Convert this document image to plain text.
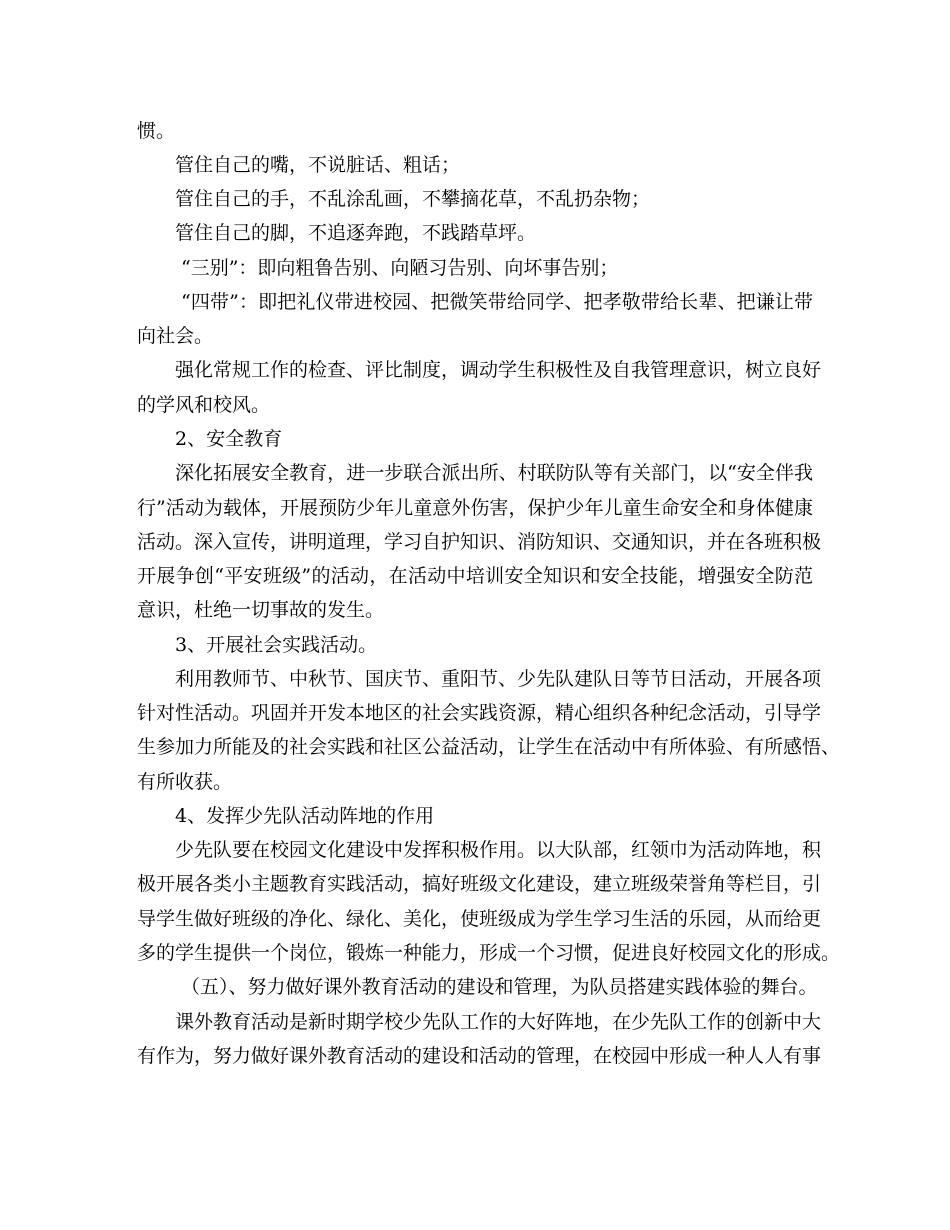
惯。
管住自己的嘴，不说脏话、粗话；
管住自己的手，不乱涂乱画，不攀摘花草，不乱扔杂物；
管住自己的脚，不追逐奔跑，不践踏草坪。
“三别”：即向粗鲁告别、向陋习告别、向坏事告别；
“四带”：即把礼仪带进校园、把微笑带给同学、把孝敬带给长辈、把谦让带
向社会。
强化常规工作的检查、评比制度，调动学生积极性及自我管理意识，树立良好
的学风和校风。
2、安全教育
深化拓展安全教育，进一步联合派出所、村联防队等有关部门，以“安全伴我
行”活动为载体，开展预防少年儿童意外伤害，保护少年儿童生命安全和身体健康
活动。深入宣传，讲明道理，学习自护知识、消防知识、交通知识，并在各班积极
开展争创“平安班级”的活动，在活动中培训安全知识和安全技能，增强安全防范
意识，杜绝一切事故的发生。
3、开展社会实践活动。
利用教师节、中秋节、国庆节、重阳节、少先队建队日等节日活动，开展各项
针对性活动。巩固并开发本地区的社会实践资源，精心组织各种纪念活动，引导学
生参加力所能及的社会实践和社区公益活动，让学生在活动中有所体验、有所感悟、
有所收获。
4、发挥少先队活动阵地的作用
少先队要在校园文化建设中发挥积极作用。以大队部，红领巾为活动阵地，积
极开展各类小主题教育实践活动，搞好班级文化建设，建立班级荣誉角等栏目，引
导学生做好班级的净化、绿化、美化，使班级成为学生学习生活的乐园，从而给更
多的学生提供一个岗位，锻炼一种能力，形成一个习惯，促进良好校园文化的形成。
（五）、努力做好课外教育活动的建设和管理，为队员搭建实践体验的舞台。
课外教育活动是新时期学校少先队工作的大好阵地，在少先队工作的创新中大
有作为，努力做好课外教育活动的建设和活动的管理，在校园中形成一种人人有事
